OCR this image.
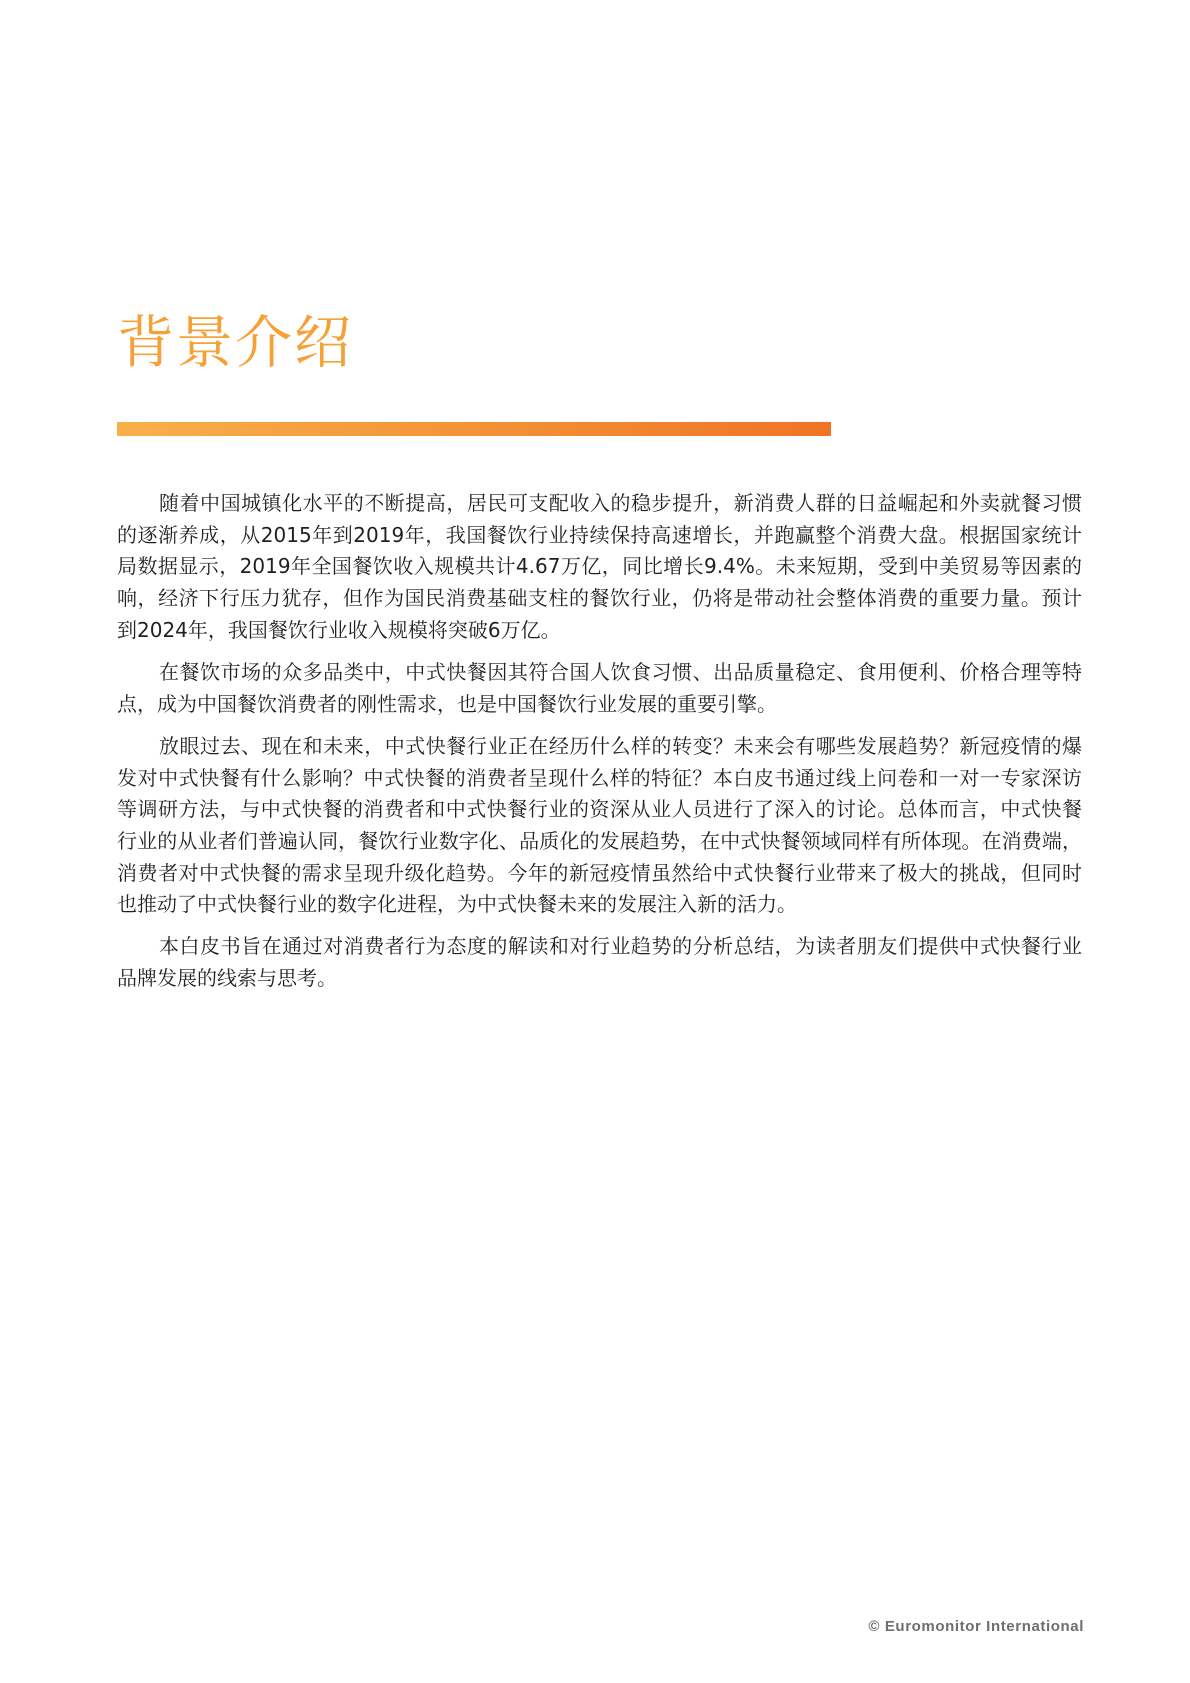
背景介绍

随着中国城镇化水平的不断提高，居民可支配收入的稳步提升，新消费人群的日益崛起和外卖就餐习惯
的逐渐养成，从2015年到2019年，我国餐饮行业持续保持高速增长，并跑赢整个消费大盘。根据国家统计
局数据显示，2019年全国餐饮收入规模共计4.67万亿，同比增长9.4%。未来短期，受到中美贸易等因素的
响，经济下行压力犹存，但作为国民消费基础支柱的餐饮行业，仍将是带动社会整体消费的重要力量。预计
到2024年，我国餐饮行业收入规模将突破6万亿。

在餐饮市场的众多品类中，中式快餐因其符合国人饮食习惯、出品质量稳定、食用便利、价格合理等特
点，成为中国餐饮消费者的刚性需求，也是中国餐饮行业发展的重要引擎。

放眼过去、现在和未来，中式快餐行业正在经历什么样的转变？未来会有哪些发展趋势？新冠疫情的爆
发对中式快餐有什么影响？中式快餐的消费者呈现什么样的特征？本白皮书通过线上问卷和一对一专家深访
等调研方法，与中式快餐的消费者和中式快餐行业的资深从业人员进行了深入的讨论。总体而言，中式快餐
行业的从业者们普遍认同，餐饮行业数字化、品质化的发展趋势，在中式快餐领域同样有所体现。在消费端，
消费者对中式快餐的需求呈现升级化趋势。今年的新冠疫情虽然给中式快餐行业带来了极大的挑战，但同时
也推动了中式快餐行业的数字化进程，为中式快餐未来的发展注入新的活力。

本白皮书旨在通过对消费者行为态度的解读和对行业趋势的分析总结，为读者朋友们提供中式快餐行业
品牌发展的线索与思考。

© Euromonitor International
